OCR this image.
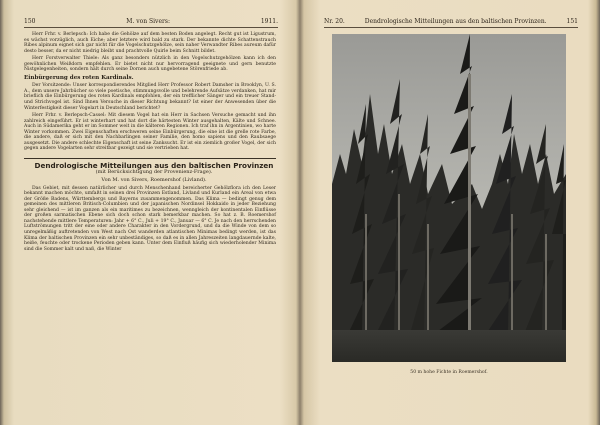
150	M. von Sivers:	1911.

Herr Frhr. v. Berlepsch: Ich habe die Gehölze auf dem besten Boden angelegt. Recht gut ist Ligustrum, es wächst vorzüglich, auch Eiche; aber letztere wird bald zu stark. Der bekannte dichte Schattenstrauch Ribes alpinum eignet sich gar nicht für die Vogelschutzgehölze, sein naher Verwandter Ribes aureum dafür desto besser, da er nicht niedrig bleibt und prachtvolle Quirle beim Schnitt bildet.

Herr Forstverwalter Thiele: Als ganz besonders nützlich in den Vogelschutzgehölzen kann ich den gewöhnlichen Weißdorn empfehlen. Er bietet nicht nur hervorragend geeignete und gern benutzte Nistgelegenheiten, sondern hält durch seine Dornen auch ungebetene Störenfriede ab.

Einbürgerung des roten Kardinals.

Der Vorsitzende: Unser korrespondierendes Mitglied Herr Professor Robert Damsher in Brooklyn, U. S. A., dem unsere Jahrbücher so viele poetische, stimmungsvolle und belehrende Aufsätze verdanken, hat mir brieflich die Einbürgerung des roten Kardinals empfohlen, der ein trefflicher Sänger und ein treuer Stand- und Strichvogel ist. Sind Ihnen Versuche in dieser Richtung bekannt? Ist einer der Anwesenden über die Winterfestigkeit dieser Vogelart in Deutschland berichtet?

Herr Frhr. v. Berlepsch-Cassel: Mit diesem Vogel hat ein Herr in Sachsen Versuche gemacht und ihn zahlreich eingeführt. Er ist winterhart und hat dort die härtesten Winter ausgehalten, Kälte und Schnee. Auch in Südamerika geht er im Sommer weit in die kälteren Regionen. Ich traf ihn in Argentinien, wo harte Winter vorkommen. Zwei Eigenschaften erschweren seine Einbürgerung, die eine ist die grelle rote Farbe, die andere, daß er sich mit den Nachbarlingen seiner Familie, den homo sapiens und den Raubsaege ausgesetzt. Die andere schlechte Eigenschaft ist seine Zanksucht. Er ist ein ziemlich großer Vogel, der sich gegen andere Vogelarten sehr streitbar gezeigt und sie vertrieben hat.

Dendrologische Mitteilungen aus den baltischen Provinzen

(mit Berücksichtigung der Provenienz-Frage).

Von M. von Sivers, Roemershof (Livland).

Das Gebiet, mit dessen natürlicher und durch Menschenhand bereicherter Gehölzflora ich den Leser bekannt machen möchte, umfaßt in seinen drei Provinzen Estland, Livland und Kurland ein Areal von etwa der Größe Badens, Württembergs und Bayerns zusammengenommen. Das Klima — bedingt genug dem gemeinen des mittleren Britisch-Columbien und der japanischen Nordinsel Hokkaido in jeder Beziehung sehr gleichend — ist im ganzen als ein maritimes zu bezeichnen, wenngleich der kontinentalen Einflüsse der großen sarmatischen Ebene sich doch schon stark bemerkbar machen. So hat z. B. Roemershof nachstehende mittlere Temperaturen: Jahr + 6° C., Juli + 19° C., Januar — 6° C. Je nach den herrschenden Luftströmungen tritt der eine oder andere Charakter in den Vordergrund, und da die Winde von dem so unregelmäßig auftretenden von West nach Ost wanderden atlantischen Minimas bedingt werden, ist das Klima der baltischen Provinzen ein sehr unbeständiges, so daß es in allen Jahreszeiten langdauernde kalte, heiße, feuchte oder trockene Perioden geben kann. Unter dem Einfluß häufig sich wiederholender Minima sind die Sommer kalt und naß, die Winter

Nr. 20.	Dendrologische Mitteilungen aus den baltischen Provinzen.	151
50 m hohe Fichte in Roemershof.
